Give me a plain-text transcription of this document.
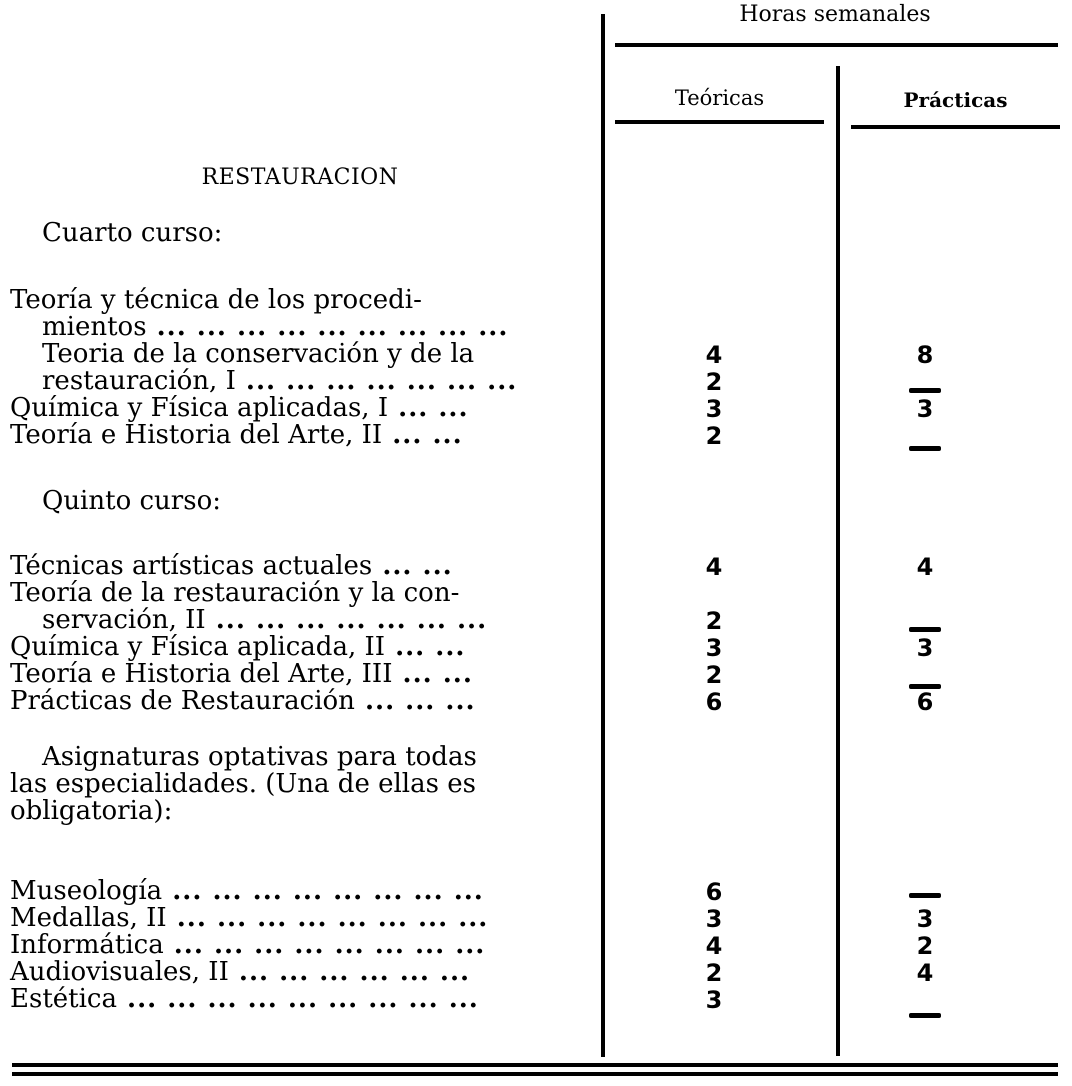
Horas semanales
Teóricas	Prácticas
RESTAURACION
Cuarto curso:
Teoría y técnica de los procedi-
mientos ... ... ... ... ... ... ... ... ...
Teoria de la conservación y de la
restauración, I ... ... ... ... ... ... ...
Química y Física aplicadas, I ... ...
Teoría e Historia del Arte, II ... ...
4
2
3
2
8
3
Quinto curso:
Técnicas artísticas actuales ... ...
Teoría de la restauración y la con-
servación, II ... ... ... ... ... ... ...
Química y Física aplicada, II ... ...
Teoría e Historia del Arte, III ... ...
Prácticas de Restauración ... ... ...
4
2
3
2
6
4
3
6
Asignaturas optativas para todas
las especialidades. (Una de ellas es
obligatoria):
Museología ... ... ... ... ... ... ... ...
Medallas, II ... ... ... ... ... ... ... ...
Informática ... ... ... ... ... ... ... ...
Audiovisuales, II ... ... ... ... ... ...
Estética ... ... ... ... ... ... ... ... ...
6
3
4
2
3
3
2
4
